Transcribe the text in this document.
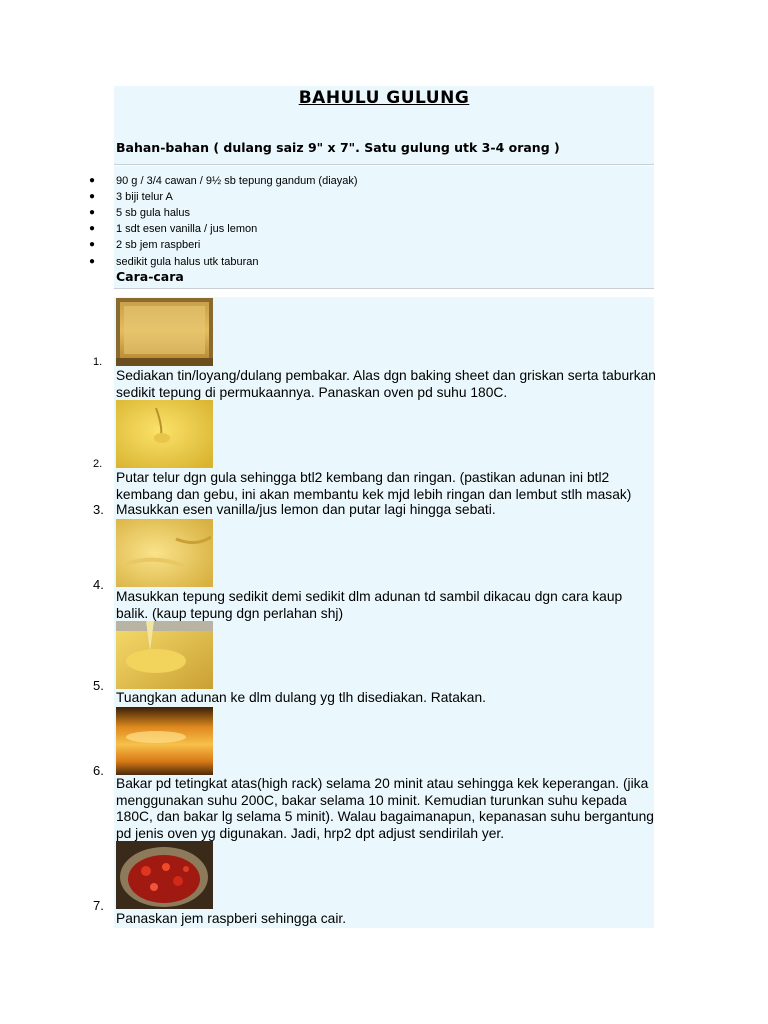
BAHULU GULUNG
Bahan-bahan ( dulang saiz 9" x 7". Satu gulung utk 3-4 orang )
● 90 g / 3/4 cawan / 9½ sb tepung gandum (diayak)
● 3 biji telur A
● 5 sb gula halus
● 1 sdt esen vanilla / jus lemon
● 2 sb jem raspberi
● sedikit gula halus utk taburan
Cara-cara
1.
Sediakan tin/loyang/dulang pembakar. Alas dgn baking sheet dan griskan serta taburkan sedikit tepung di permukaannya. Panaskan oven pd suhu 180C.
2.
Putar telur dgn gula sehingga btl2 kembang dan ringan. (pastikan adunan ini btl2 kembang dan gebu, ini akan membantu kek mjd lebih ringan dan lembut stlh masak)
3. Masukkan esen vanilla/jus lemon dan putar lagi hingga sebati.
4.
Masukkan tepung sedikit demi sedikit dlm adunan td sambil dikacau dgn cara kaup balik. (kaup tepung dgn perlahan shj)
5.
Tuangkan adunan ke dlm dulang yg tlh disediakan. Ratakan.
6.
Bakar pd tetingkat atas(high rack) selama 20 minit atau sehingga kek keperangan. (jika menggunakan suhu 200C, bakar selama 10 minit. Kemudian turunkan suhu kepada 180C, dan bakar lg selama 5 minit). Walau bagaimanapun, kepanasan suhu bergantung pd jenis oven yg digunakan. Jadi, hrp2 dpt adjust sendirilah yer.
7.
Panaskan jem raspberi sehingga cair.
